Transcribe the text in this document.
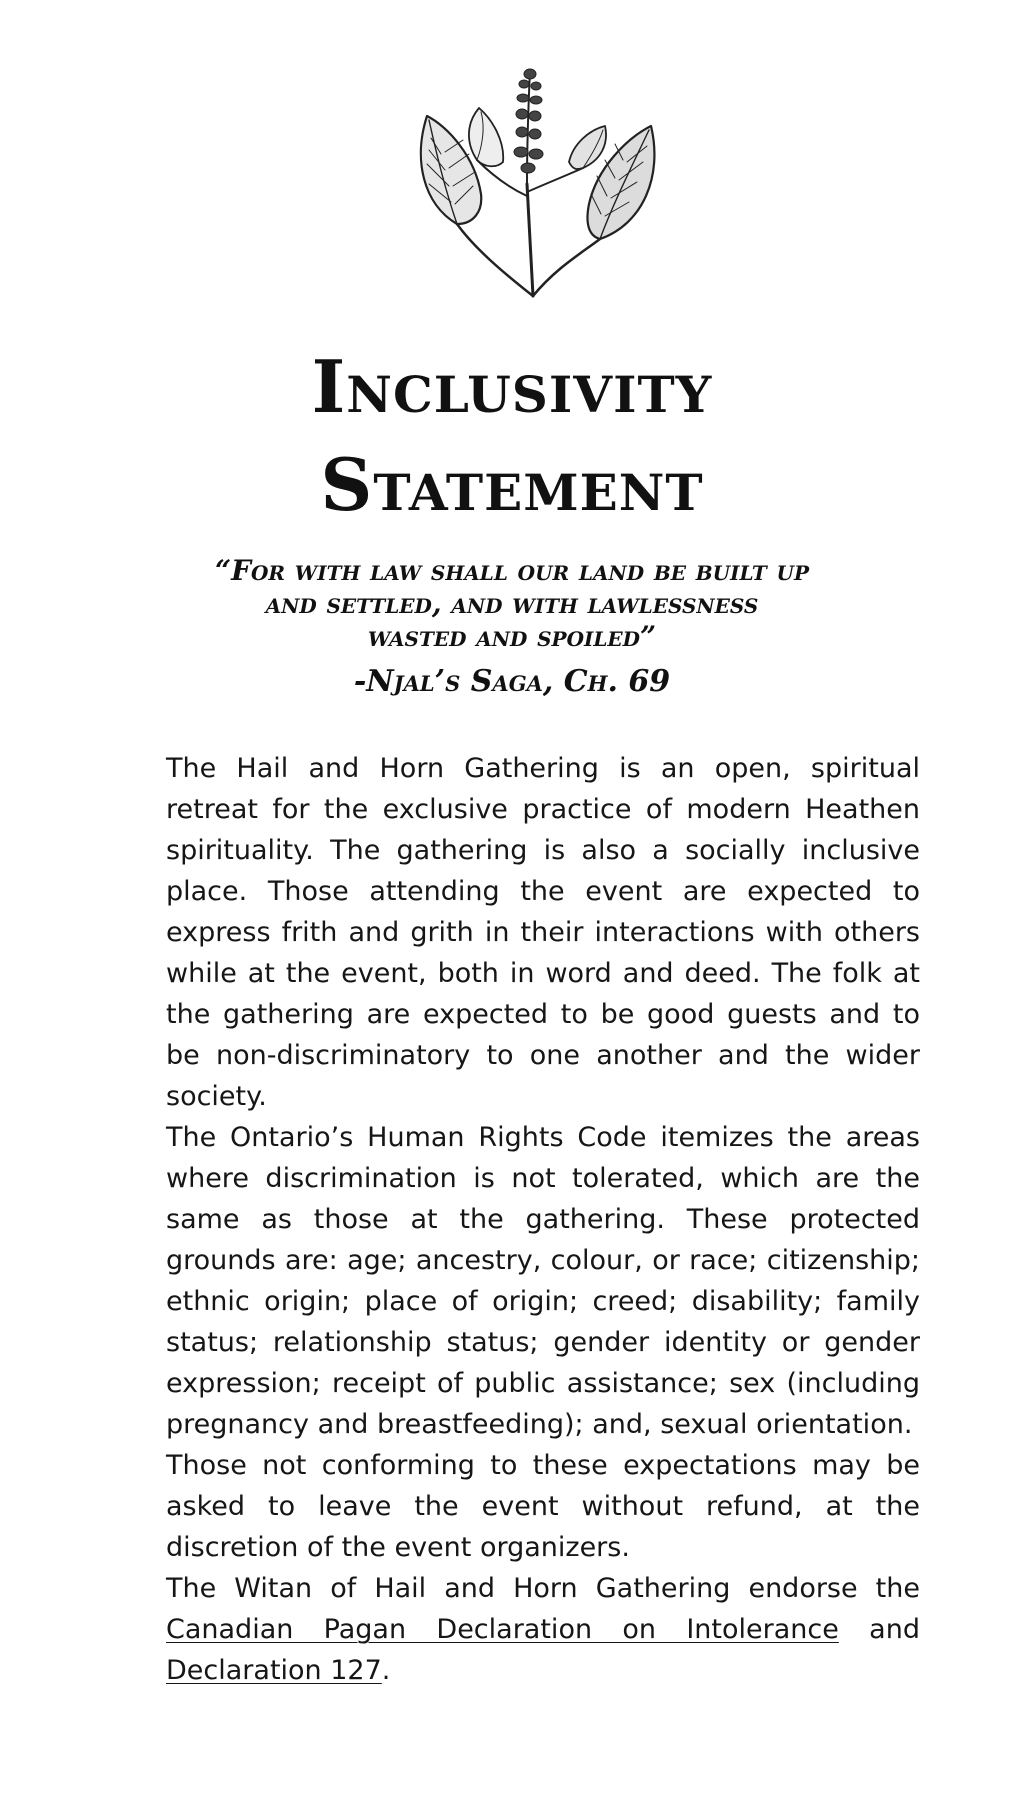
Inclusivity
Statement
“For with law shall our land be built up
and settled, and with lawlessness
wasted and spoiled”
-Njal’s Saga, Ch. 69

The Hail and Horn Gathering is an open, spiritual retreat for the exclusive practice of modern Heathen spirituality. The gathering is also a socially inclusive place. Those attending the event are expected to express frith and grith in their interactions with others while at the event, both in word and deed. The folk at the gathering are expected to be good guests and to be non-discriminatory to one another and the wider society.

The Ontario’s Human Rights Code itemizes the areas where discrimination is not tolerated, which are the same as those at the gathering. These protected grounds are: age; ancestry, colour, or race; citizenship; ethnic origin; place of origin; creed; disability; family status; relationship status; gender identity or gender expression; receipt of public assistance; sex (including pregnancy and breastfeeding); and, sexual orientation.

Those not conforming to these expectations may be asked to leave the event without refund, at the discretion of the event organizers.

The Witan of Hail and Horn Gathering endorse the Canadian Pagan Declaration on Intolerance and Declaration 127.
